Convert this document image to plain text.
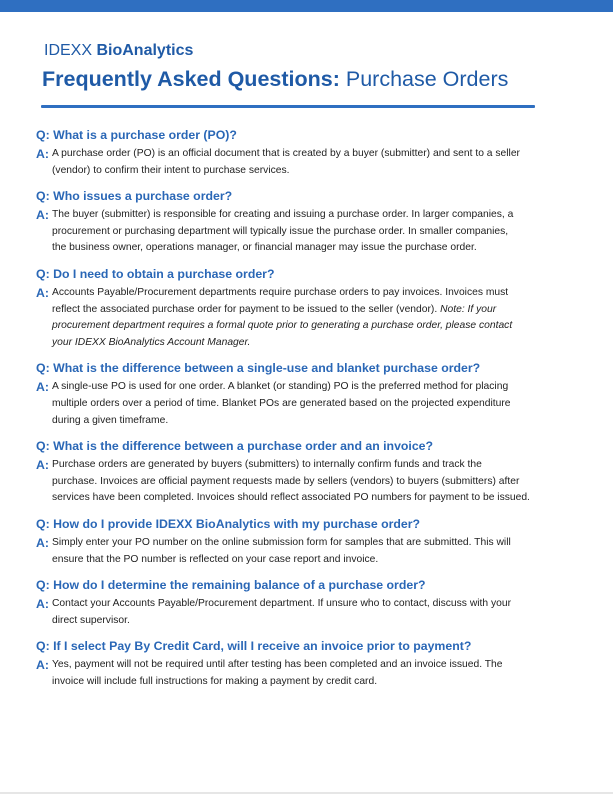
IDEXX BioAnalytics
Frequently Asked Questions: Purchase Orders
Q: What is a purchase order (PO)?
A: A purchase order (PO) is an official document that is created by a buyer (submitter) and sent to a seller
(vendor) to confirm their intent to purchase services.
Q: Who issues a purchase order?
A: The buyer (submitter) is responsible for creating and issuing a purchase order. In larger companies, a
procurement or purchasing department will typically issue the purchase order. In smaller companies,
the business owner, operations manager, or financial manager may issue the purchase order.
Q: Do I need to obtain a purchase order?
A: Accounts Payable/Procurement departments require purchase orders to pay invoices. Invoices must
reflect the associated purchase order for payment to be issued to the seller (vendor). Note: If your
procurement department requires a formal quote prior to generating a purchase order, please contact
your IDEXX BioAnalytics Account Manager.
Q: What is the difference between a single-use and blanket purchase order?
A: A single-use PO is used for one order. A blanket (or standing) PO is the preferred method for placing
multiple orders over a period of time. Blanket POs are generated based on the projected expenditure
during a given timeframe.
Q: What is the difference between a purchase order and an invoice?
A: Purchase orders are generated by buyers (submitters) to internally confirm funds and track the
purchase. Invoices are official payment requests made by sellers (vendors) to buyers (submitters) after
services have been completed. Invoices should reflect associated PO numbers for payment to be issued.
Q: How do I provide IDEXX BioAnalytics with my purchase order?
A: Simply enter your PO number on the online submission form for samples that are submitted. This will
ensure that the PO number is reflected on your case report and invoice.
Q: How do I determine the remaining balance of a purchase order?
A: Contact your Accounts Payable/Procurement department. If unsure who to contact, discuss with your
direct supervisor.
Q: If I select Pay By Credit Card, will I receive an invoice prior to payment?
A: Yes, payment will not be required until after testing has been completed and an invoice issued. The
invoice will include full instructions for making a payment by credit card.
